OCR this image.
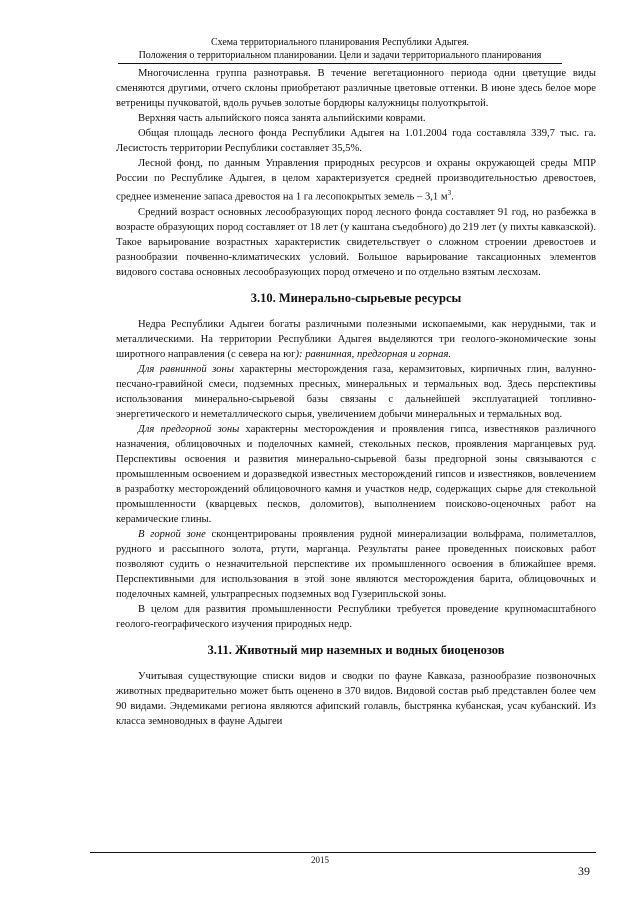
Схема территориального планирования Республики Адыгея.
Положения о территориальном планировании. Цели и задачи территориального планирования

Многочисленна группа разнотравья. В течение вегетационного периода одни цветущие виды сменяются другими, отчего склоны приобретают различные цветовые оттенки. В июне здесь белое море ветреницы пучковатой, вдоль ручьев золотые бордюры калужницы полуоткрытой.

Верхняя часть альпийского пояса занята альпийскими коврами.

Общая площадь лесного фонда Республики Адыгея на 1.01.2004 года составляла 339,7 тыс. га. Лесистость территории Республики составляет 35,5%.

Лесной фонд, по данным Управления природных ресурсов и охраны окружающей среды МПР России по Республике Адыгея, в целом характеризуется средней производительностью древостоев, среднее изменение запаса древостоя на 1 га лесопокрытых земель – 3,1 $м^3$.

Средний возраст основных лесообразующих пород лесного фонда составляет 91 год, но разбежка в возрасте образующих пород составляет от 18 лет (у каштана съедобного) до 219 лет (у пихты кавказской). Такое варьирование возрастных характеристик свидетельствует о сложном строении древостоев и разнообразии почвенно-климатических условий. Большое варьирование таксационных элементов видового состава основных лесообразующих пород отмечено и по отдельно взятым лесхозам.

3.10. Минерально-сырьевые ресурсы

Недра Республики Адыгеи богаты различными полезными ископаемыми, как нерудными, так и металлическими. На территории Республики Адыгея выделяются три геолого-экономические зоны широтного направления (с севера на юг): равнинная, предгорная и горная.

Для равнинной зоны характерны месторождения газа, керамзитовых, кирпичных глин, валунно-песчано-гравийной смеси, подземных пресных, минеральных и термальных вод. Здесь перспективы использования минерально-сырьевой базы связаны с дальнейшей эксплуатацией топливно-энергетического и неметаллического сырья, увеличением добычи минеральных и термальных вод.

Для предгорной зоны характерны месторождения и проявления гипса, известняков различного назначения, облицовочных и поделочных камней, стекольных песков, проявления марганцевых руд. Перспективы освоения и развития минерально-сырьевой базы предгорной зоны связываются с промышленным освоением и доразведкой известных месторождений гипсов и известняков, вовлечением в разработку месторождений облицовочного камня и участков недр, содержащих сырье для стекольной промышленности (кварцевых песков, доломитов), выполнением поисково-оценочных работ на керамические глины.

В горной зоне сконцентрированы проявления рудной минерализации вольфрама, полиметаллов, рудного и рассыпного золота, ртути, марганца. Результаты ранее проведенных поисковых работ позволяют судить о незначительной перспективе их промышленного освоения в ближайшее время. Перспективными для использования в этой зоне являются месторождения барита, облицовочных и поделочных камней, ультрапресных подземных вод Гузерипльской зоны.

В целом для развития промышленности Республики требуется проведение крупномасштабного геолого-географического изучения природных недр.

3.11. Животный мир наземных и водных биоценозов

Учитывая существующие списки видов и сводки по фауне Кавказа, разнообразие позвоночных животных предварительно может быть оценено в 370 видов. Видовой состав рыб представлен более чем 90 видами. Эндемиками региона являются афипский голавль, быстрянка кубанская, усач кубанский. Из класса земноводных в фауне Адыгеи

2015
39
